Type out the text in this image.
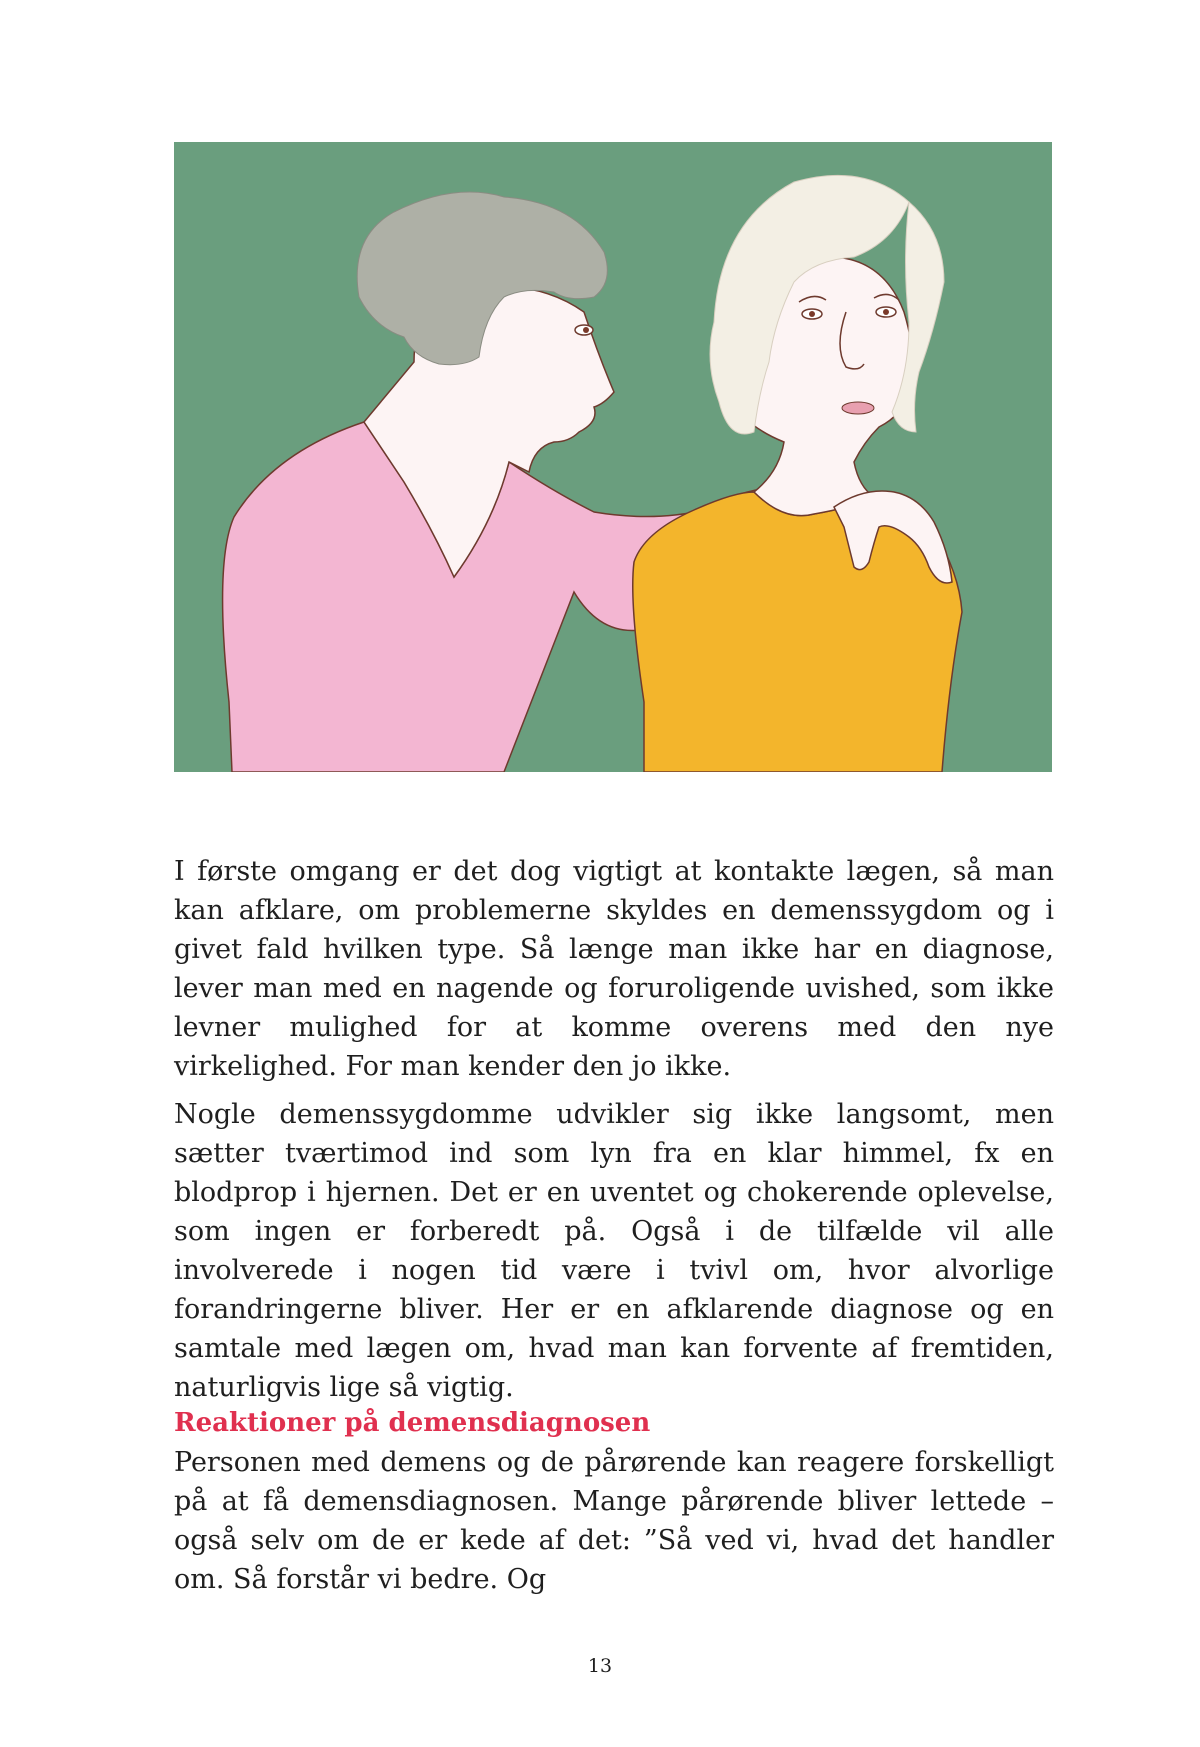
I første omgang er det dog vigtigt at kontakte lægen, så man kan afklare, om problemerne skyldes en demenssygdom og i givet fald hvilken type. Så længe man ikke har en diagnose, lever man med en nagende og foruroligende uvished, som ikke levner mulighed for at komme overens med den nye virkelighed. For man kender den jo ikke.
Nogle demenssygdomme udvikler sig ikke langsomt, men sætter tværtimod ind som lyn fra en klar himmel, fx en blodprop i hjernen. Det er en uventet og chokerende oplevelse, som ingen er forberedt på. Også i de tilfælde vil alle involverede i nogen tid være i tvivl om, hvor alvorlige forandringerne bliver. Her er en afklarende diagnose og en samtale med lægen om, hvad man kan forvente af fremtiden, naturligvis lige så vigtig.
Reaktioner på demensdiagnosen
Personen med demens og de pårørende kan reagere forskelligt på at få demensdiagnosen. Mange pårørende bliver lettede – også selv om de er kede af det: ”Så ved vi, hvad det handler om. Så forstår vi bedre. Og
13
